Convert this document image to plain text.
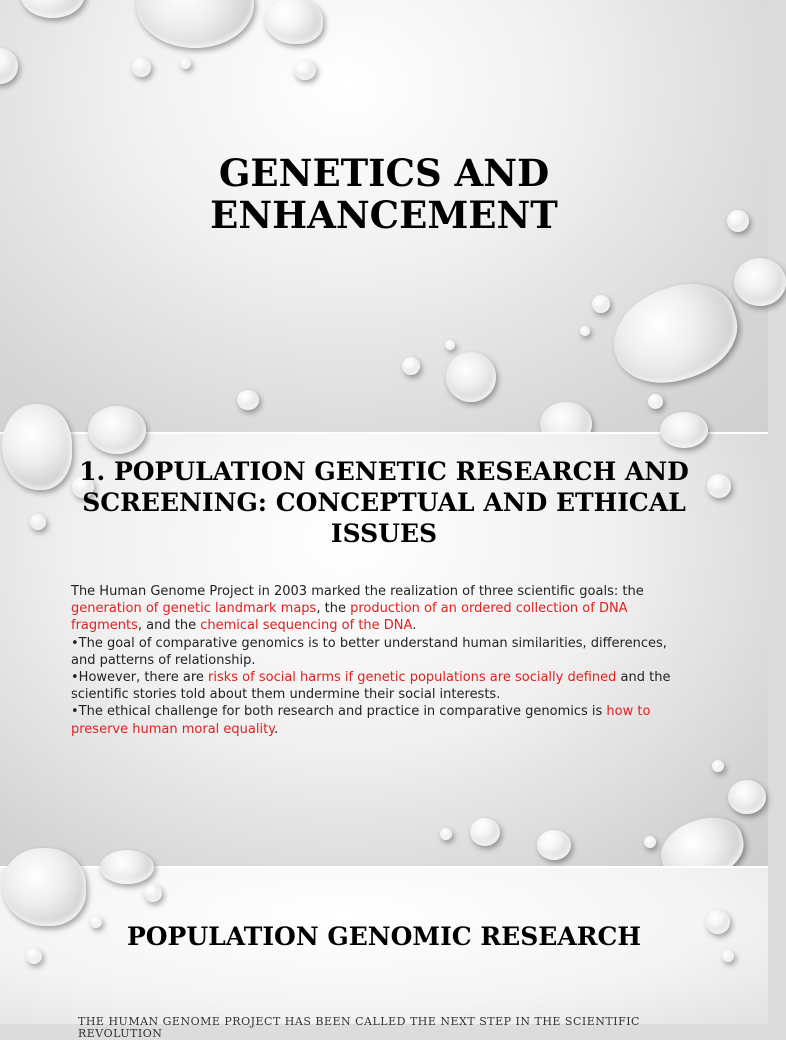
GENETICS AND
ENHANCEMENT
1. POPULATION GENETIC RESEARCH AND
SCREENING: CONCEPTUAL AND ETHICAL
ISSUES
The Human Genome Project in 2003 marked the realization of three scientific goals: the generation of genetic landmark maps, the production of an ordered collection of DNA fragments, and the chemical sequencing of the DNA.
•The goal of comparative genomics is to better understand human similarities, differences, and patterns of relationship.
•However, there are risks of social harms if genetic populations are socially defined and the scientific stories told about them undermine their social interests.
•The ethical challenge for both research and practice in comparative genomics is how to preserve human moral equality.
POPULATION GENOMIC RESEARCH
THE HUMAN GENOME PROJECT HAS BEEN CALLED THE NEXT STEP IN THE SCIENTIFIC REVOLUTION
